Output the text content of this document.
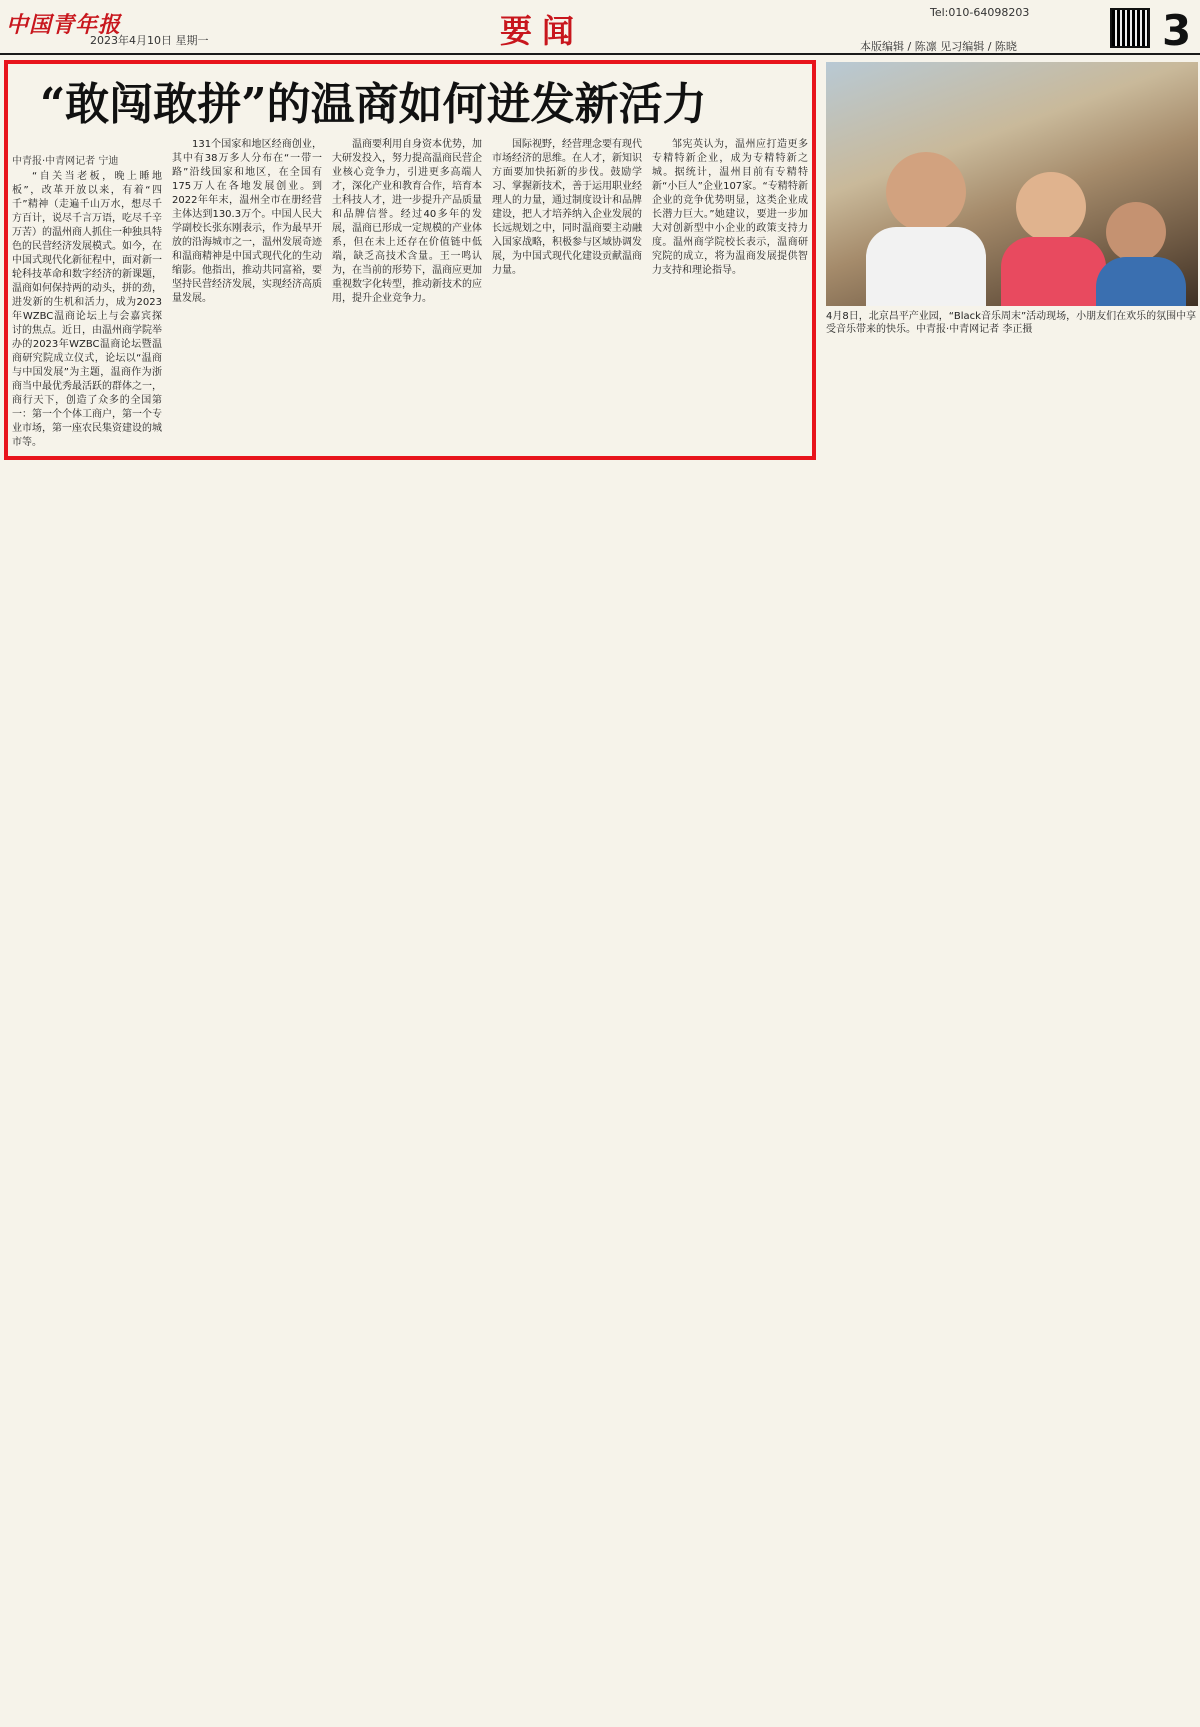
中国青年报
2023年4月10日 星期一	要闻	Tel:010-64098203
本版编辑 / 陈凛 见习编辑 / 陈晓	3
“敢闯敢拼”的温商如何迸发新活力
中青报·中青网记者 宁迪

“自关当老板，晚上睡地板”，改革开放以来，有着“四千”精神（走遍千山万水，想尽千方百计，说尽千言万语，吃尽千辛万苦）的温州商人抓住一种独具特色的民营经济发展模式。如今，在中国式现代化新征程中，面对新一轮科技革命和数字经济的新课题，温商如何保持两的动头，拼的劲，进发新的生机和活力，成为2023年WZBC温商论坛上与会嘉宾探讨的焦点。近日，由温州商学院举办的2023年WZBC温商论坛暨温商研究院成立仪式，论坛以“温商与中国发展”为主题，温商作为浙商当中最优秀最活跃的群体之一，商行天下，创造了众多的全国第一：第一个个体工商户，第一个专业市场，第一座农民集资建设的城市等。

131个国家和地区经商创业，其中有38万多人分布在“一带一路”沿线国家和地区，在全国有175万人在各地发展创业。到2022年年末，温州全市在册经营主体达到130.3万个。中国人民大学副校长张东刚表示，作为最早开放的沿海城市之一，温州发展奇迹和温商精神是中国式现代化的生动缩影。他指出，推动共同富裕，要坚持民营经济发展，实现经济高质量发展。

温商要利用自身资本优势，加大研发投入，努力提高温商民营企业核心竞争力，引进更多高端人才，深化产业和教育合作，培育本土科技人才，进一步提升产品质量和品牌信誉。经过40多年的发展，温商已形成一定规模的产业体系，但在未上还存在价值链中低端，缺乏高技术含量。王一鸣认为，在当前的形势下，温商应更加重视数字化转型，推动新技术的应用，提升企业竞争力。

国际视野，经营理念要有现代市场经济的思维。在人才，新知识方面要加快拓新的步伐。鼓励学习、掌握新技术，善于运用职业经理人的力量，通过制度设计和品牌建设，把人才培养纳入企业发展的长远规划之中，同时温商要主动融入国家战略，积极参与区域协调发展，为中国式现代化建设贡献温商力量。

邹宪英认为，温州应打造更多专精特新企业，成为专精特新之城。据统计，温州目前有专精特新“小巨人”企业107家。“专精特新企业的竞争优势明显，这类企业成长潜力巨大。”她建议，要进一步加大对创新型中小企业的政策支持力度。温州商学院校长表示，温商研究院的成立，将为温商发展提供智力支持和理论指导。

4月8日，北京昌平产业园，“Black音乐周末”活动现场，小朋友们在欢乐的氛围中享受音乐带来的快乐。中青报·中青网记者 李正摄
